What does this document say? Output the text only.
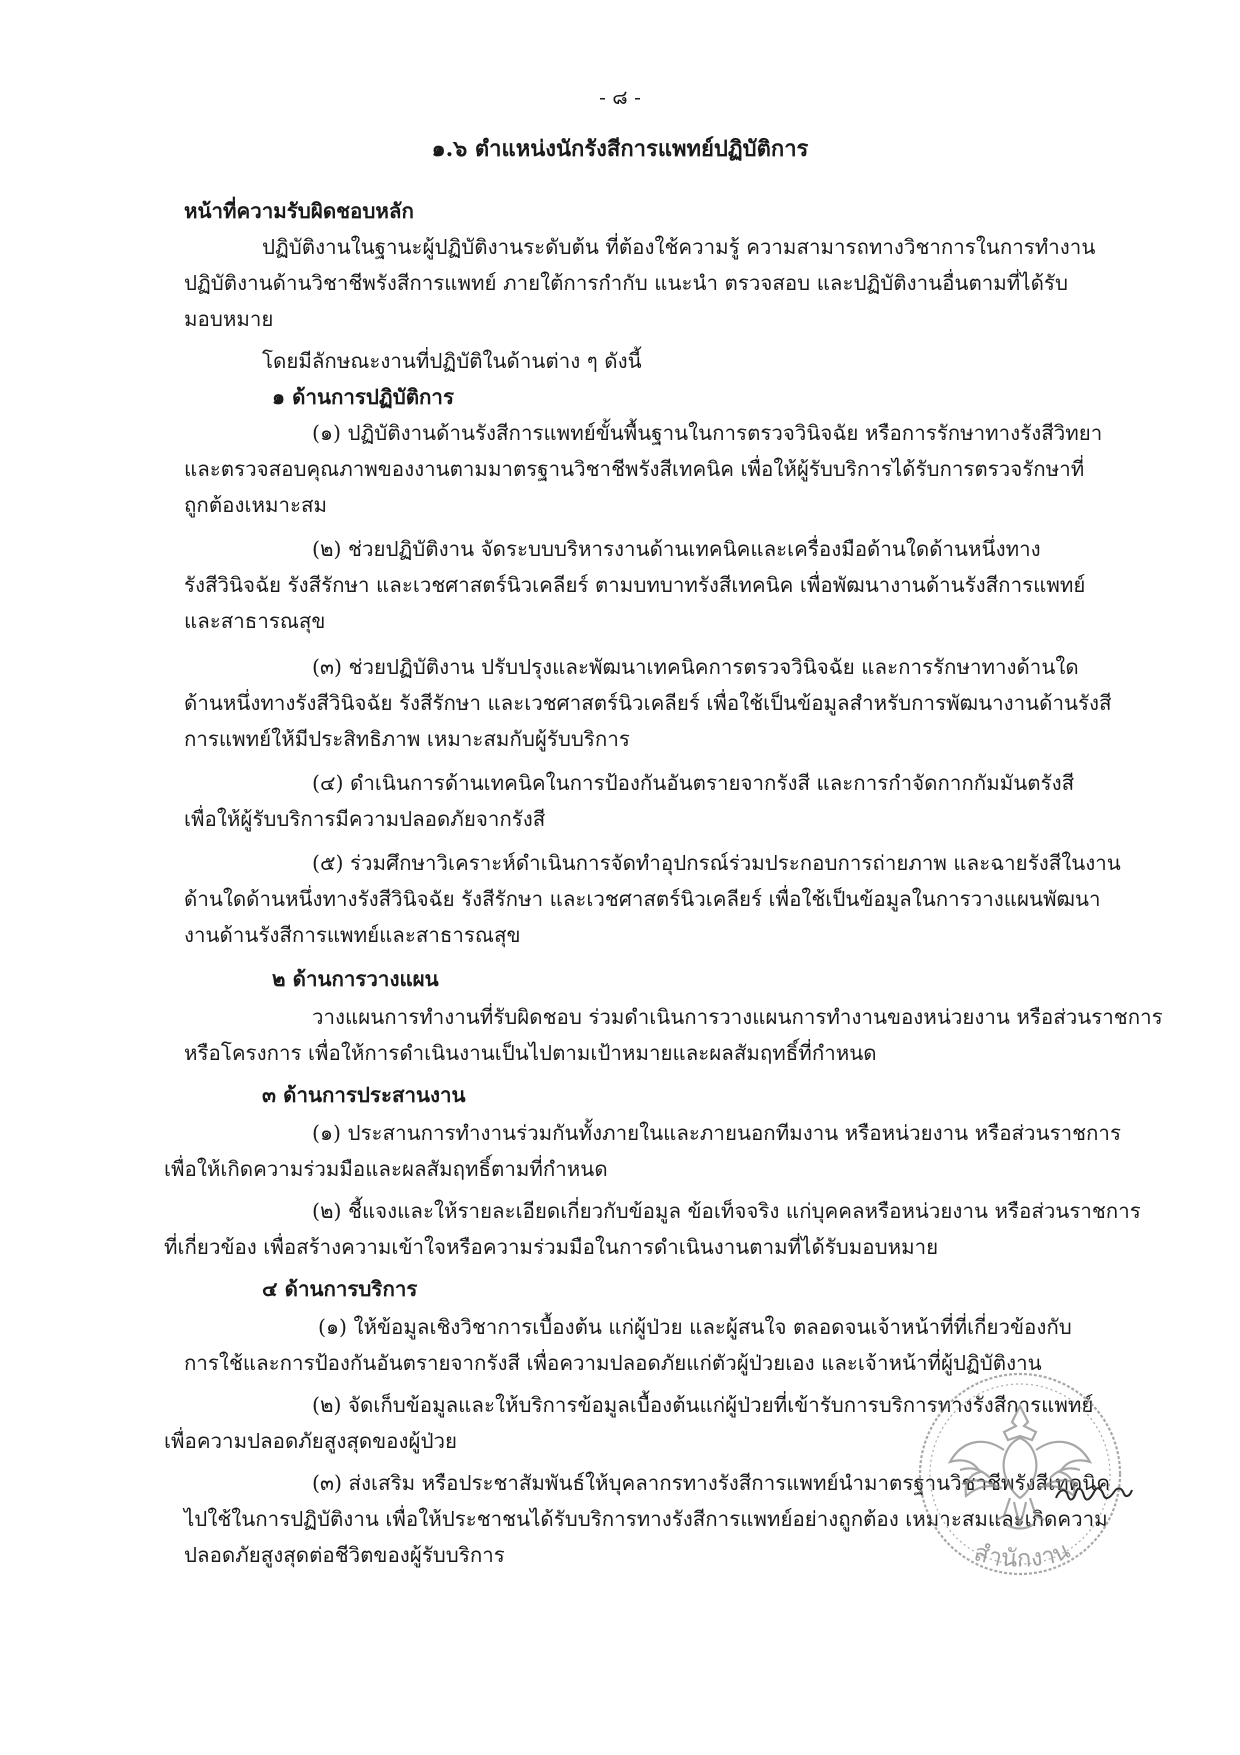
- ๘ -
๑.๖ ตำแหน่งนักรังสีการแพทย์ปฏิบัติการ
หน้าที่ความรับผิดชอบหลัก
ปฏิบัติงานในฐานะผู้ปฏิบัติงานระดับต้น ที่ต้องใช้ความรู้ ความสามารถทางวิชาการในการทำงาน
ปฏิบัติงานด้านวิชาชีพรังสีการแพทย์ ภายใต้การกำกับ แนะนำ ตรวจสอบ และปฏิบัติงานอื่นตามที่ได้รับ
มอบหมาย
โดยมีลักษณะงานที่ปฏิบัติในด้านต่าง ๆ ดังนี้
๑ ด้านการปฏิบัติการ
(๑) ปฏิบัติงานด้านรังสีการแพทย์ขั้นพื้นฐานในการตรวจวินิจฉัย หรือการรักษาทางรังสีวิทยา
และตรวจสอบคุณภาพของงานตามมาตรฐานวิชาชีพรังสีเทคนิค เพื่อให้ผู้รับบริการได้รับการตรวจรักษาที่
ถูกต้องเหมาะสม
(๒) ช่วยปฏิบัติงาน จัดระบบบริหารงานด้านเทคนิคและเครื่องมือด้านใดด้านหนึ่งทาง
รังสีวินิจฉัย รังสีรักษา และเวชศาสตร์นิวเคลียร์ ตามบทบาทรังสีเทคนิค เพื่อพัฒนางานด้านรังสีการแพทย์
และสาธารณสุข
(๓) ช่วยปฏิบัติงาน ปรับปรุงและพัฒนาเทคนิคการตรวจวินิจฉัย และการรักษาทางด้านใด
ด้านหนึ่งทางรังสีวินิจฉัย รังสีรักษา และเวชศาสตร์นิวเคลียร์ เพื่อใช้เป็นข้อมูลสำหรับการพัฒนางานด้านรังสี
การแพทย์ให้มีประสิทธิภาพ เหมาะสมกับผู้รับบริการ
(๔) ดำเนินการด้านเทคนิคในการป้องกันอันตรายจากรังสี และการกำจัดกากกัมมันตรังสี
เพื่อให้ผู้รับบริการมีความปลอดภัยจากรังสี
(๕) ร่วมศึกษาวิเคราะห์ดำเนินการจัดทำอุปกรณ์ร่วมประกอบการถ่ายภาพ และฉายรังสีในงาน
ด้านใดด้านหนึ่งทางรังสีวินิจฉัย รังสีรักษา และเวชศาสตร์นิวเคลียร์ เพื่อใช้เป็นข้อมูลในการวางแผนพัฒนา
งานด้านรังสีการแพทย์และสาธารณสุข
๒ ด้านการวางแผน
วางแผนการทำงานที่รับผิดชอบ ร่วมดำเนินการวางแผนการทำงานของหน่วยงาน หรือส่วนราชการ
หรือโครงการ เพื่อให้การดำเนินงานเป็นไปตามเป้าหมายและผลสัมฤทธิ์ที่กำหนด
๓ ด้านการประสานงาน
(๑) ประสานการทำงานร่วมกันทั้งภายในและภายนอกทีมงาน หรือหน่วยงาน หรือส่วนราชการ
เพื่อให้เกิดความร่วมมือและผลสัมฤทธิ์ตามที่กำหนด
(๒) ชี้แจงและให้รายละเอียดเกี่ยวกับข้อมูล ข้อเท็จจริง แก่บุคคลหรือหน่วยงาน หรือส่วนราชการ
ที่เกี่ยวข้อง เพื่อสร้างความเข้าใจหรือความร่วมมือในการดำเนินงานตามที่ได้รับมอบหมาย
๔ ด้านการบริการ
(๑) ให้ข้อมูลเชิงวิชาการเบื้องต้น แก่ผู้ป่วย และผู้สนใจ ตลอดจนเจ้าหน้าที่ที่เกี่ยวข้องกับ
การใช้และการป้องกันอันตรายจากรังสี เพื่อความปลอดภัยแก่ตัวผู้ป่วยเอง และเจ้าหน้าที่ผู้ปฏิบัติงาน
(๒) จัดเก็บข้อมูลและให้บริการข้อมูลเบื้องต้นแก่ผู้ป่วยที่เข้ารับการบริการทางรังสีการแพทย์
เพื่อความปลอดภัยสูงสุดของผู้ป่วย
(๓) ส่งเสริม หรือประชาสัมพันธ์ให้บุคลากรทางรังสีการแพทย์นำมาตรฐานวิชาชีพรังสีเทคนิค
ไปใช้ในการปฏิบัติงาน เพื่อให้ประชาชนได้รับบริการทางรังสีการแพทย์อย่างถูกต้อง เหมาะสมและเกิดความ
ปลอดภัยสูงสุดต่อชีวิตของผู้รับบริการ	สำนักงาน
